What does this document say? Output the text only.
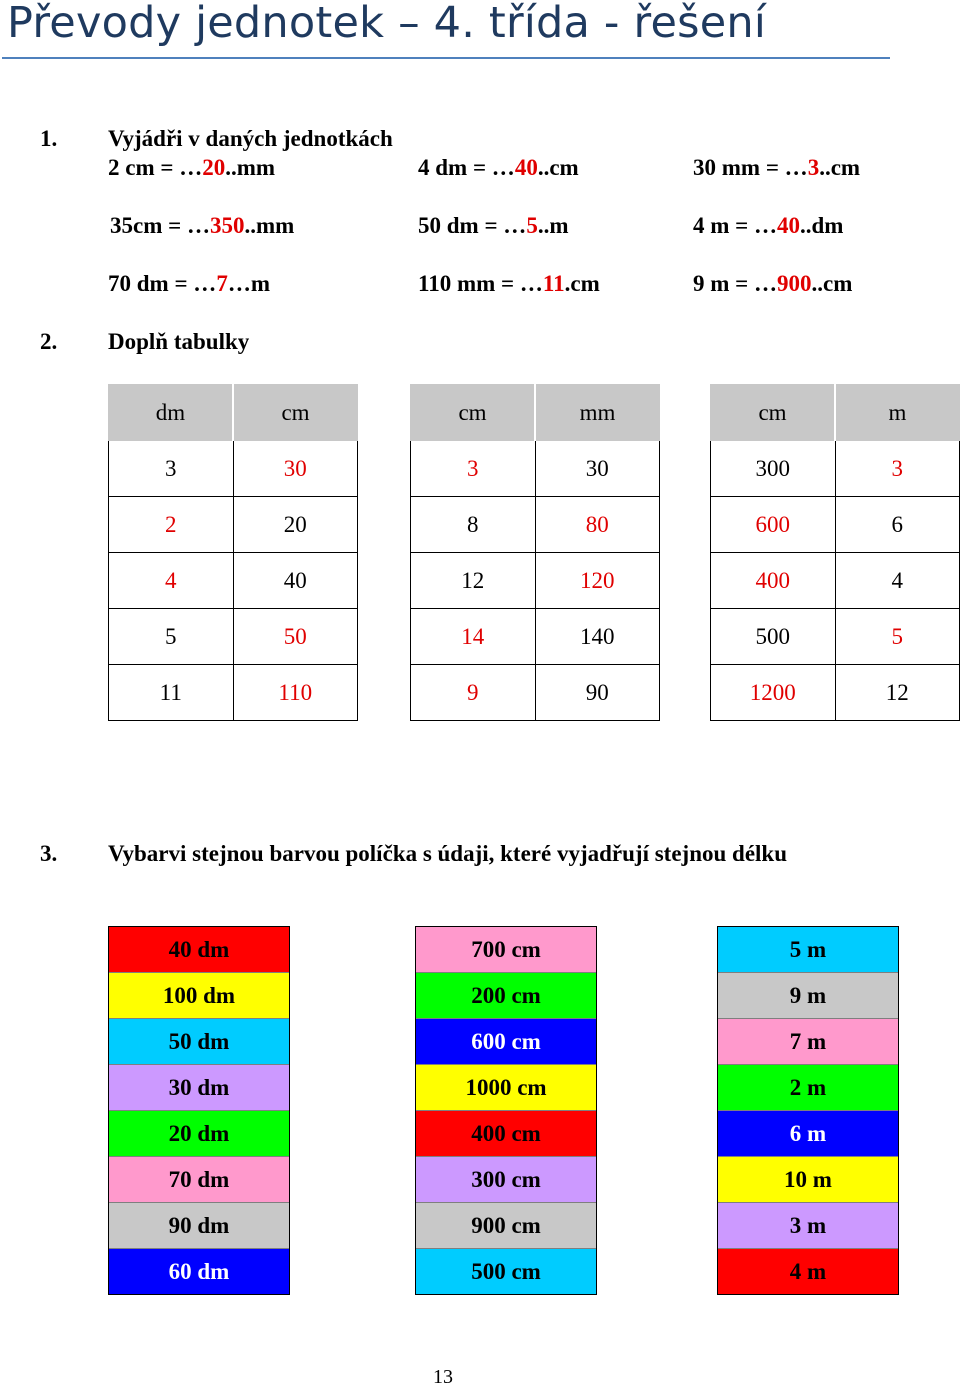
Převody jednotek – 4. třída - řešení
1. Vyjádři v daných jednotkách
2 cm = …20..mm	4 dm = …40..cm	30 mm = …3..cm
35cm = …350..mm	50 dm = …5..m	4 m = …40..dm
70 dm = …7…m	110 mm = …11.cm	9 m = …900..cm
2. Doplň tabulky
dm	cm
3	30
2	20
4	40
5	50
11	110
cm	mm
3	30
8	80
12	120
14	140
9	90
cm	m
300	3
600	6
400	4
500	5
1200	12
3. Vybarvi stejnou barvou políčka s údaji, které vyjadřují stejnou délku
40 dm
100 dm
50 dm
30 dm
20 dm
70 dm
90 dm
60 dm
700 cm
200 cm
600 cm
1000 cm
400 cm
300 cm
900 cm
500 cm
5 m
9 m
7 m
2 m
6 m
10 m
3 m
4 m
13
